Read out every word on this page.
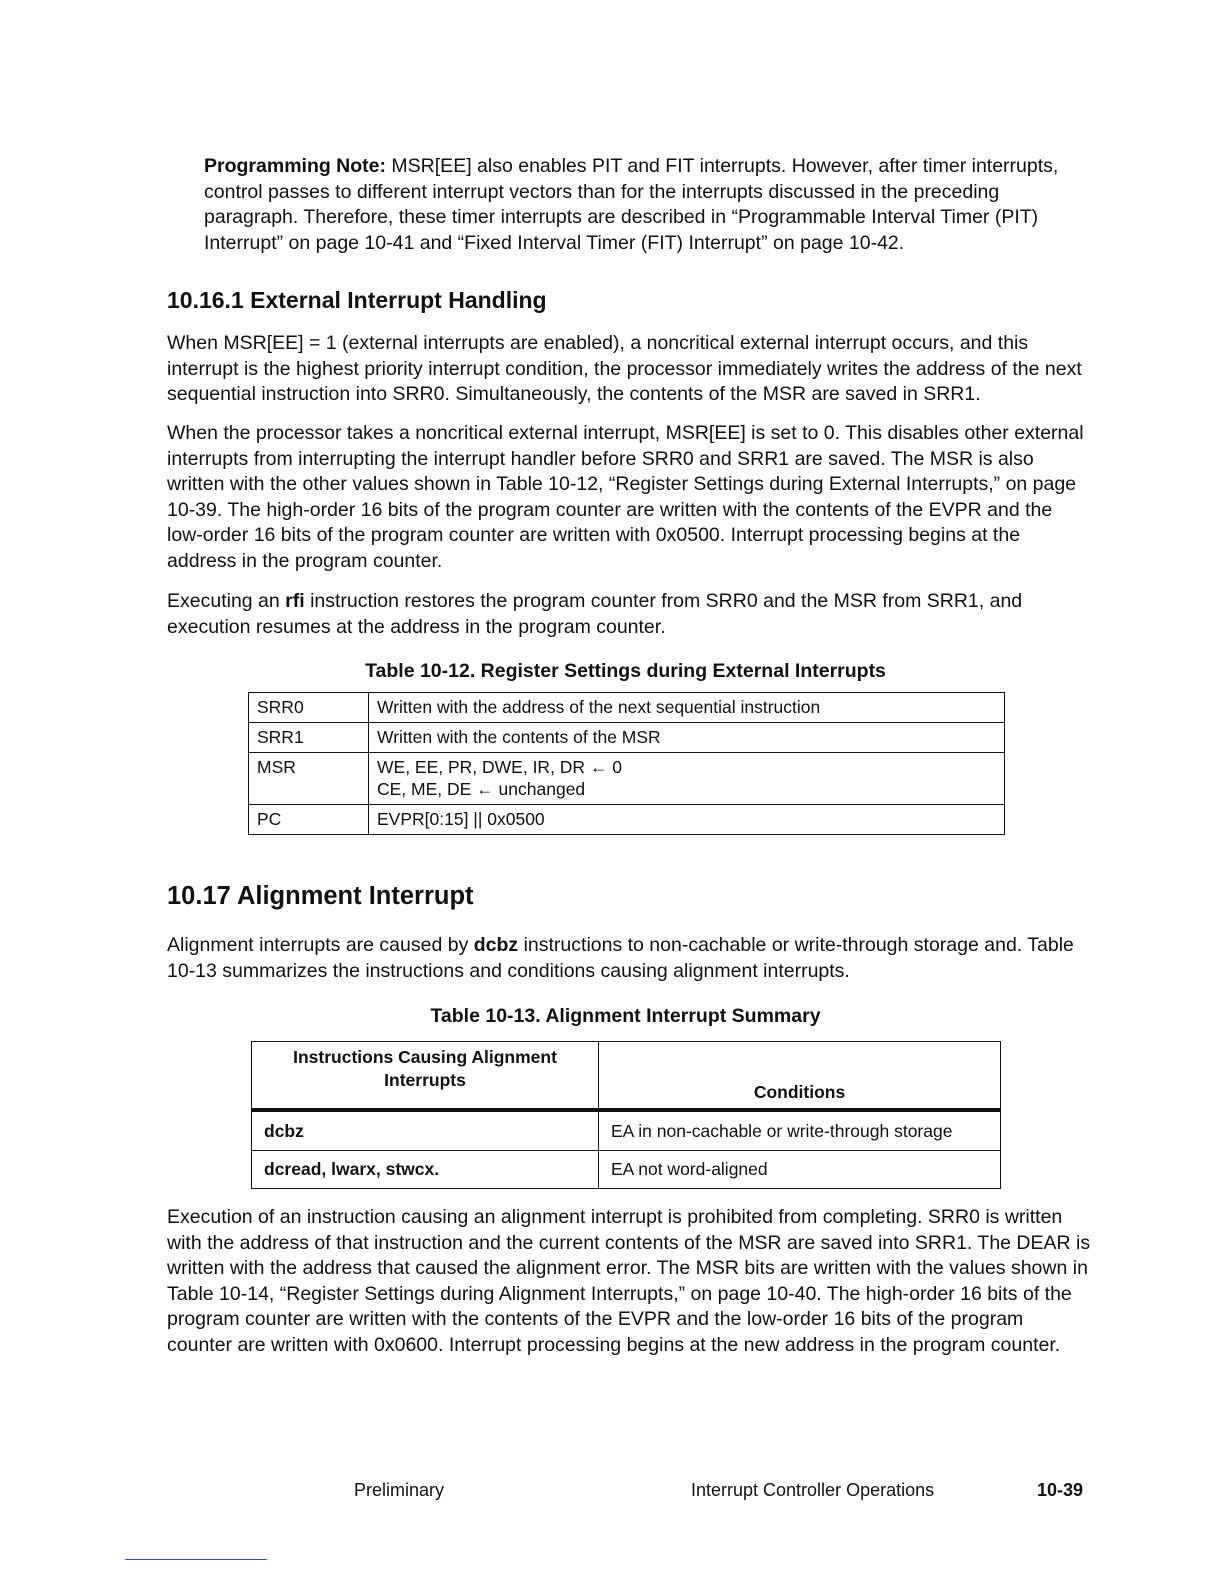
Programming Note: MSR[EE] also enables PIT and FIT interrupts. However, after timer interrupts, control passes to different interrupt vectors than for the interrupts discussed in the preceding paragraph. Therefore, these timer interrupts are described in “Programmable Interval Timer (PIT) Interrupt” on page 10-41 and “Fixed Interval Timer (FIT) Interrupt” on page 10-42.

10.16.1 External Interrupt Handling

When MSR[EE] = 1 (external interrupts are enabled), a noncritical external interrupt occurs, and this interrupt is the highest priority interrupt condition, the processor immediately writes the address of the next sequential instruction into SRR0. Simultaneously, the contents of the MSR are saved in SRR1.

When the processor takes a noncritical external interrupt, MSR[EE] is set to 0. This disables other external interrupts from interrupting the interrupt handler before SRR0 and SRR1 are saved. The MSR is also written with the other values shown in Table 10-12, “Register Settings during External Interrupts,” on page 10-39. The high-order 16 bits of the program counter are written with the contents of the EVPR and the low-order 16 bits of the program counter are written with 0x0500. Interrupt processing begins at the address in the program counter.

Executing an rfi instruction restores the program counter from SRR0 and the MSR from SRR1, and execution resumes at the address in the program counter.

Table 10-12. Register Settings during External Interrupts

SRR0	Written with the address of the next sequential instruction
SRR1	Written with the contents of the MSR
MSR	WE, EE, PR, DWE, IR, DR ← 0
CE, ME, DE ← unchanged

PC	EVPR[0:15] || 0x0500
10.17 Alignment Interrupt

Alignment interrupts are caused by dcbz instructions to non-cachable or write-through storage and. Table 10-13 summarizes the instructions and conditions causing alignment interrupts.

Table 10-13. Alignment Interrupt Summary

Instructions Causing Alignment
Interrupts	Conditions
dcbz	EA in non-cachable or write-through storage
dcread, lwarx, stwcx.	EA not word-aligned

Execution of an instruction causing an alignment interrupt is prohibited from completing. SRR0 is written with the address of that instruction and the current contents of the MSR are saved into SRR1. The DEAR is written with the address that caused the alignment error. The MSR bits are written with the values shown in Table 10-14, “Register Settings during Alignment Interrupts,” on page 10-40. The high-order 16 bits of the program counter are written with the contents of the EVPR and the low-order 16 bits of the program counter are written with 0x0600. Interrupt processing begins at the new address in the program counter.

Preliminary	Interrupt Controller Operations	10-39
